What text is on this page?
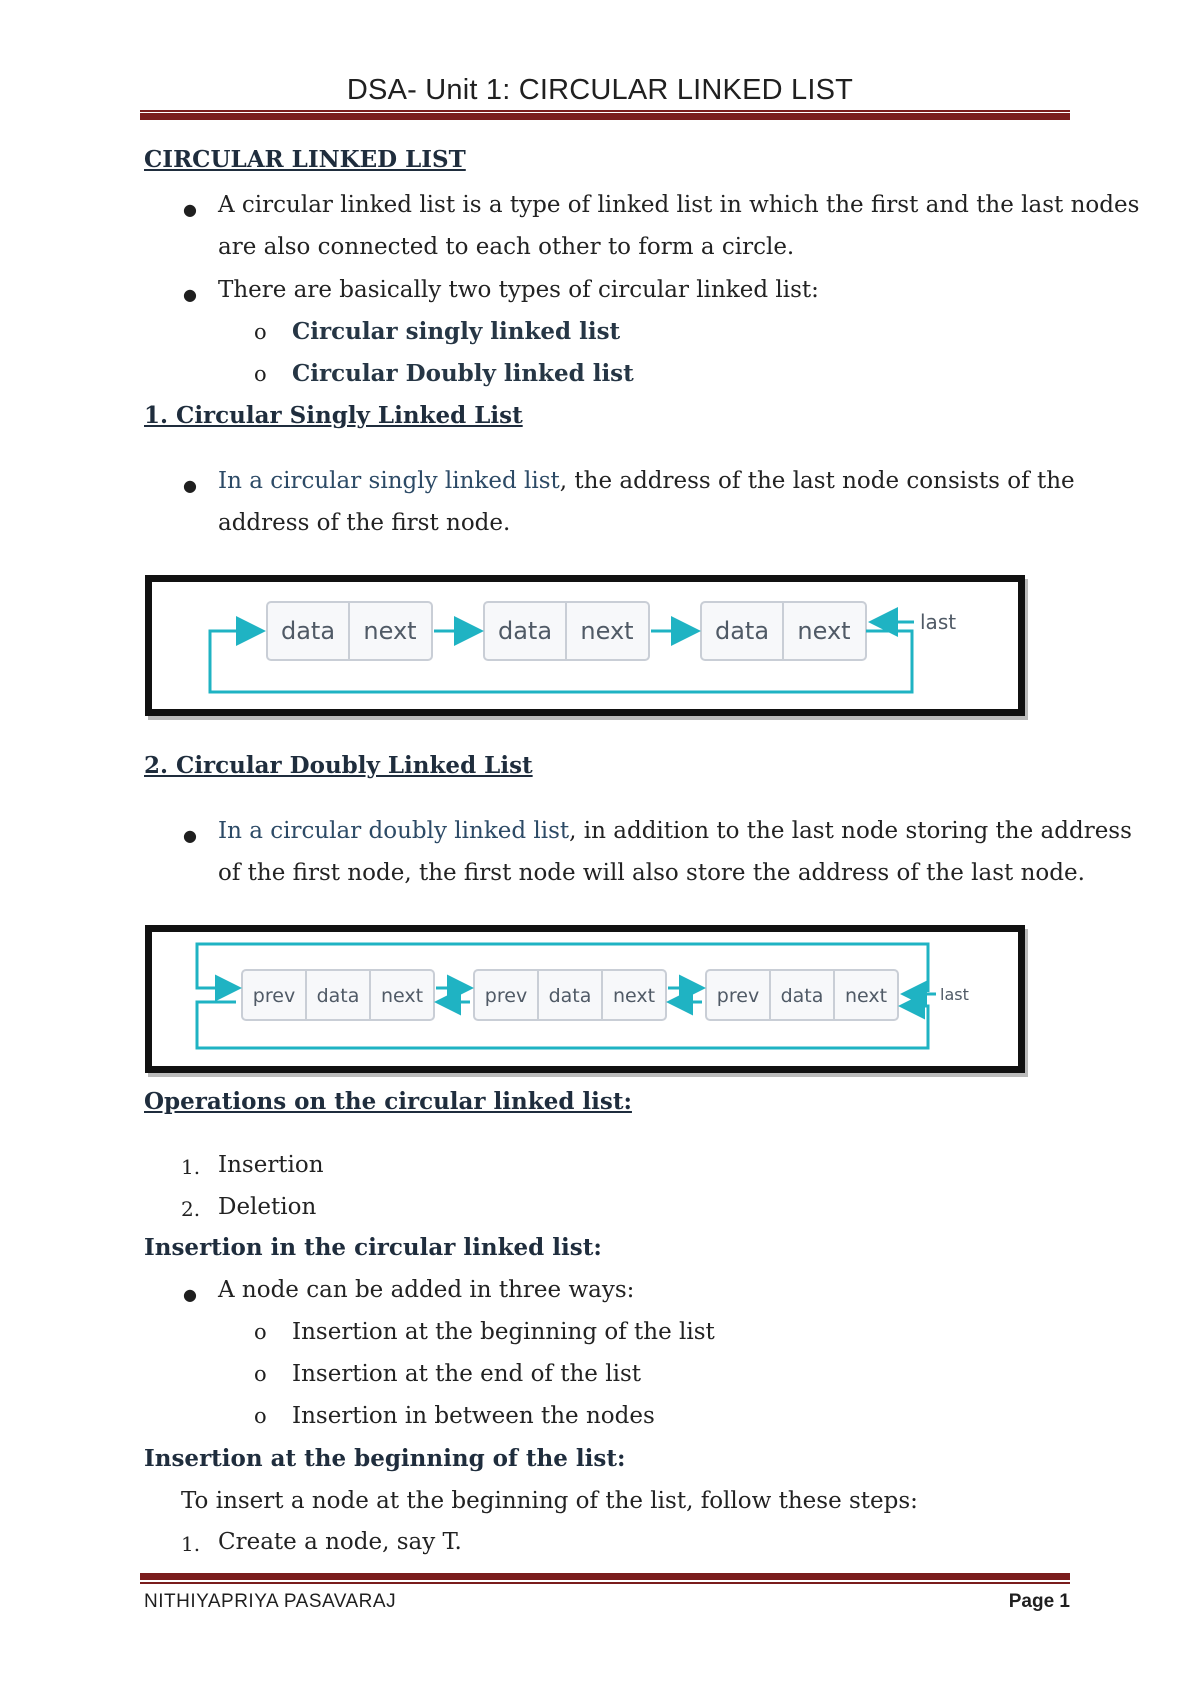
DSA- Unit 1: CIRCULAR LINKED LIST
CIRCULAR LINKED LIST
● A circular linked list is a type of linked list in which the first and the last nodes
are also connected to each other to form a circle.
● There are basically two types of circular linked list:
o Circular singly linked list
o Circular Doubly linked list
1. Circular Singly Linked List
● In a circular singly linked list, the address of the last node consists of the
address of the first node.
data next	data next	data next	last
2. Circular Doubly Linked List
● In a circular doubly linked list, in addition to the last node storing the address
of the first node, the first node will also store the address of the last node.
prev data next	prev data next	prev data next	last
Operations on the circular linked list:
1. Insertion
2. Deletion
Insertion in the circular linked list:
● A node can be added in three ways:
o Insertion at the beginning of the list
o Insertion at the end of the list
o Insertion in between the nodes
Insertion at the beginning of the list:
To insert a node at the beginning of the list, follow these steps:
1. Create a node, say T.
NITHIYAPRIYA PASAVARAJ	Page 1
